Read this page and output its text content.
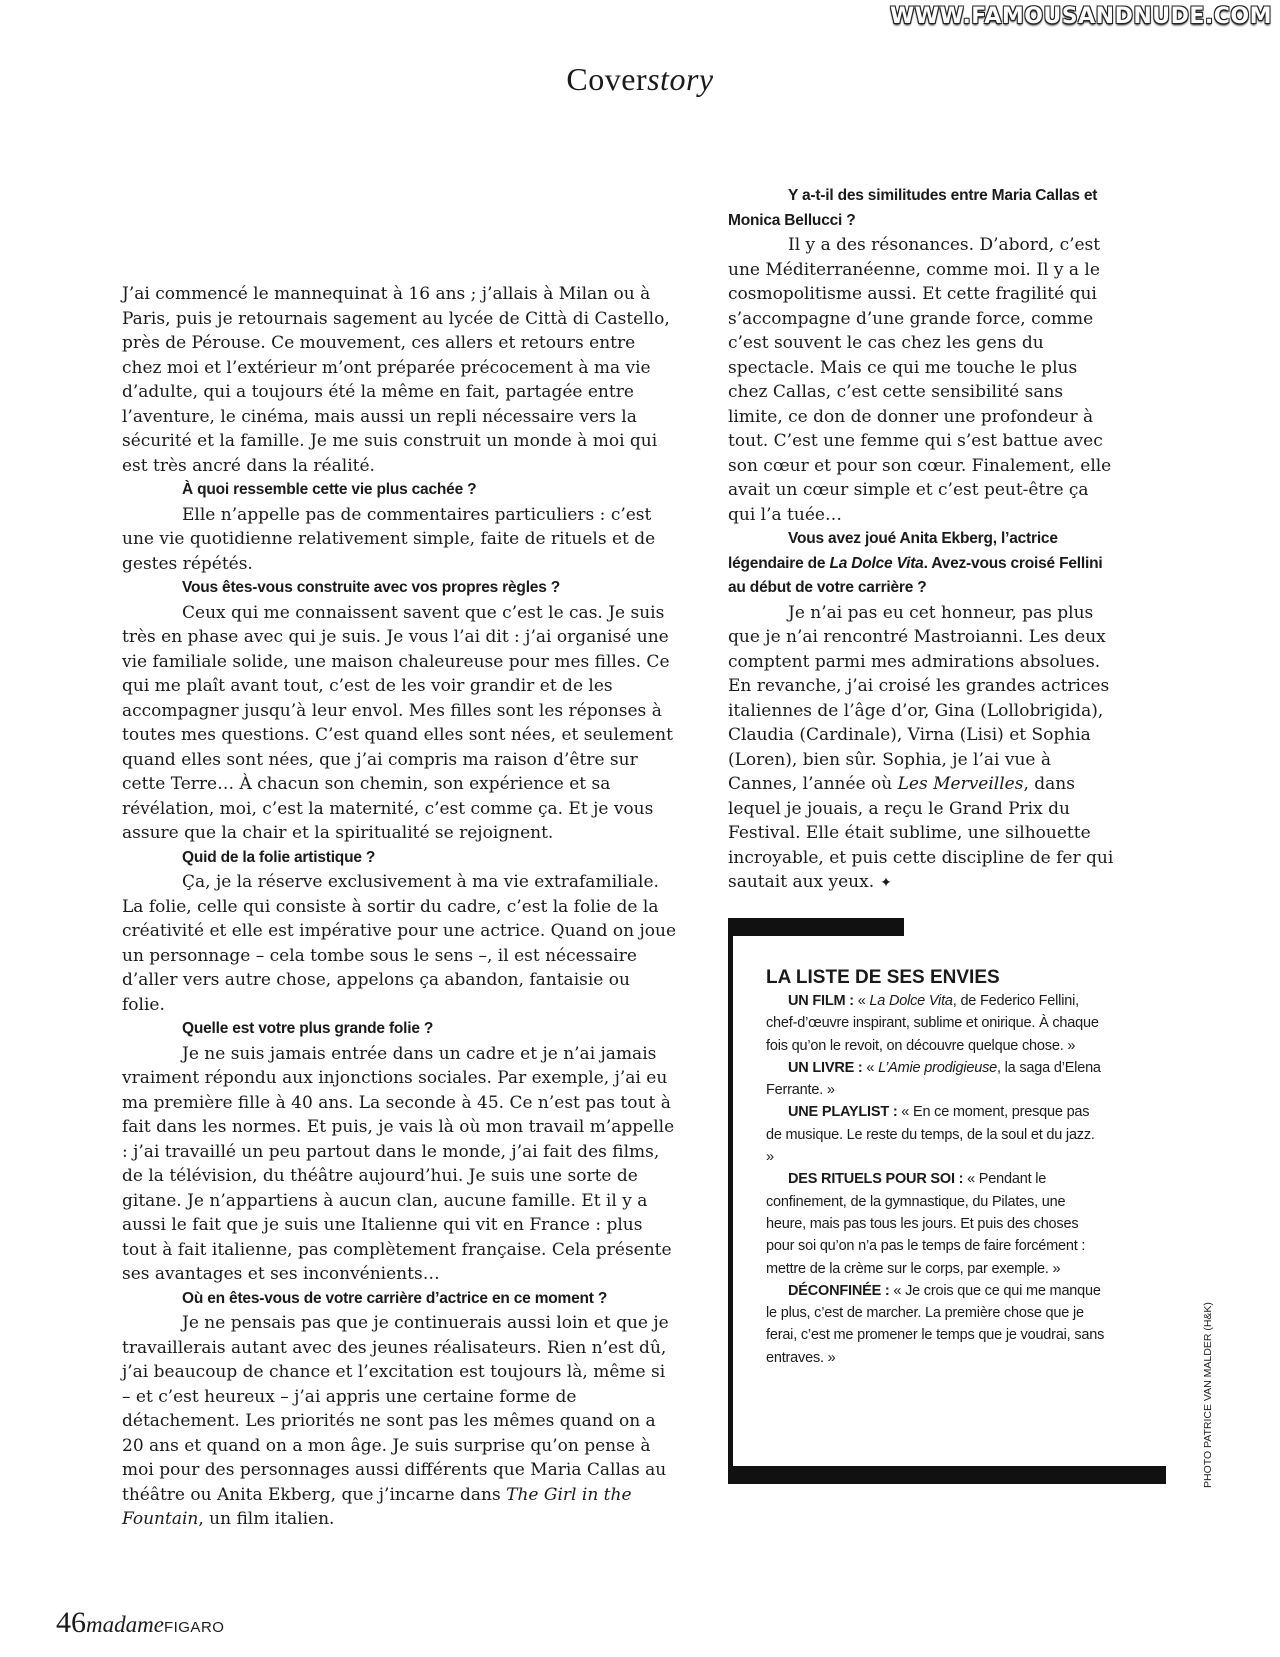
WWW.FAMOUSANDNUDE.COM
Coverstory

J’ai commencé le mannequinat à 16 ans ; j’allais à Milan ou à Paris, puis je retournais sagement au lycée de Città di Castello, près de Pérouse. Ce mouvement, ces allers et retours entre chez moi et l’extérieur m’ont préparée précocement à ma vie d’adulte, qui a toujours été la même en fait, partagée entre l’aventure, le cinéma, mais aussi un repli nécessaire vers la sécurité et la famille. Je me suis construit un monde à moi qui est très ancré dans la réalité.

À quoi ressemble cette vie plus cachée ?

Elle n’appelle pas de commentaires particuliers : c’est une vie quotidienne relativement simple, faite de rituels et de gestes répétés.

Vous êtes-vous construite avec vos propres règles ?

Ceux qui me connaissent savent que c’est le cas. Je suis très en phase avec qui je suis. Je vous l’ai dit : j’ai organisé une vie familiale solide, une maison chaleureuse pour mes filles. Ce qui me plaît avant tout, c’est de les voir grandir et de les accompagner jusqu’à leur envol. Mes filles sont les réponses à toutes mes questions. C’est quand elles sont nées, et seulement quand elles sont nées, que j’ai compris ma raison d’être sur cette Terre… À chacun son chemin, son expérience et sa révélation, moi, c’est la maternité, c’est comme ça. Et je vous assure que la chair et la spiritualité se rejoignent.

Quid de la folie artistique ?

Ça, je la réserve exclusivement à ma vie extrafamiliale. La folie, celle qui consiste à sortir du cadre, c’est la folie de la créativité et elle est impérative pour une actrice. Quand on joue un personnage – cela tombe sous le sens –, il est nécessaire d’aller vers autre chose, appelons ça abandon, fantaisie ou folie.

Quelle est votre plus grande folie ?

Je ne suis jamais entrée dans un cadre et je n’ai jamais vraiment répondu aux injonctions sociales. Par exemple, j’ai eu ma première fille à 40 ans. La seconde à 45. Ce n’est pas tout à fait dans les normes. Et puis, je vais là où mon travail m’appelle : j’ai travaillé un peu partout dans le monde, j’ai fait des films, de la télévision, du théâtre aujourd’hui. Je suis une sorte de gitane. Je n’appartiens à aucun clan, aucune famille. Et il y a aussi le fait que je suis une Italienne qui vit en France : plus tout à fait italienne, pas complètement française. Cela présente ses avantages et ses inconvénients…

Où en êtes-vous de votre carrière d’actrice en ce moment ?

Je ne pensais pas que je continuerais aussi loin et que je travaillerais autant avec des jeunes réalisateurs. Rien n’est dû, j’ai beaucoup de chance et l’excitation est toujours là, même si – et c’est heureux – j’ai appris une certaine forme de détachement. Les priorités ne sont pas les mêmes quand on a 20 ans et quand on a mon âge. Je suis surprise qu’on pense à moi pour des personnages aussi différents que Maria Callas au théâtre ou Anita Ekberg, que j’incarne dans The Girl in the Fountain, un film italien.

Y a-t-il des similitudes entre Maria Callas et Monica Bellucci ?

Il y a des résonances. D’abord, c’est une Méditerranéenne, comme moi. Il y a le cosmopolitisme aussi. Et cette fragilité qui s’accompagne d’une grande force, comme c’est souvent le cas chez les gens du spectacle. Mais ce qui me touche le plus chez Callas, c’est cette sensibilité sans limite, ce don de donner une profondeur à tout. C’est une femme qui s’est battue avec son cœur et pour son cœur. Finalement, elle avait un cœur simple et c’est peut-être ça qui l’a tuée…

Vous avez joué Anita Ekberg, l’actrice légendaire de La Dolce Vita. Avez-vous croisé Fellini au début de votre carrière ?

Je n’ai pas eu cet honneur, pas plus que je n’ai rencontré Mastroianni. Les deux comptent parmi mes admirations absolues. En revanche, j’ai croisé les grandes actrices italiennes de l’âge d’or, Gina (Lollobrigida), Claudia (Cardinale), Virna (Lisi) et Sophia (Loren), bien sûr. Sophia, je l’ai vue à Cannes, l’année où Les Merveilles, dans lequel je jouais, a reçu le Grand Prix du Festival. Elle était sublime, une silhouette incroyable, et puis cette discipline de fer qui sautait aux yeux. ✦

LA LISTE DE SES ENVIES

UN FILM : « La Dolce Vita, de Federico Fellini, chef-d’œuvre inspirant, sublime et onirique. À chaque fois qu’on le revoit, on découvre quelque chose. »

UN LIVRE : « L’Amie prodigieuse, la saga d’Elena Ferrante. »

UNE PLAYLIST : « En ce moment, presque pas de musique. Le reste du temps, de la soul et du jazz. »

DES RITUELS POUR SOI : « Pendant le confinement, de la gymnastique, du Pilates, une heure, mais pas tous les jours. Et puis des choses pour soi qu’on n’a pas le temps de faire forcément : mettre de la crème sur le corps, par exemple. »

DÉCONFINÉE : « Je crois que ce qui me manque le plus, c’est de marcher. La première chose que je ferai, c’est me promener le temps que je voudrai, sans entraves. »	PHOTO PATRICE VAN MALDER (H&K)
46madameFIGARO
